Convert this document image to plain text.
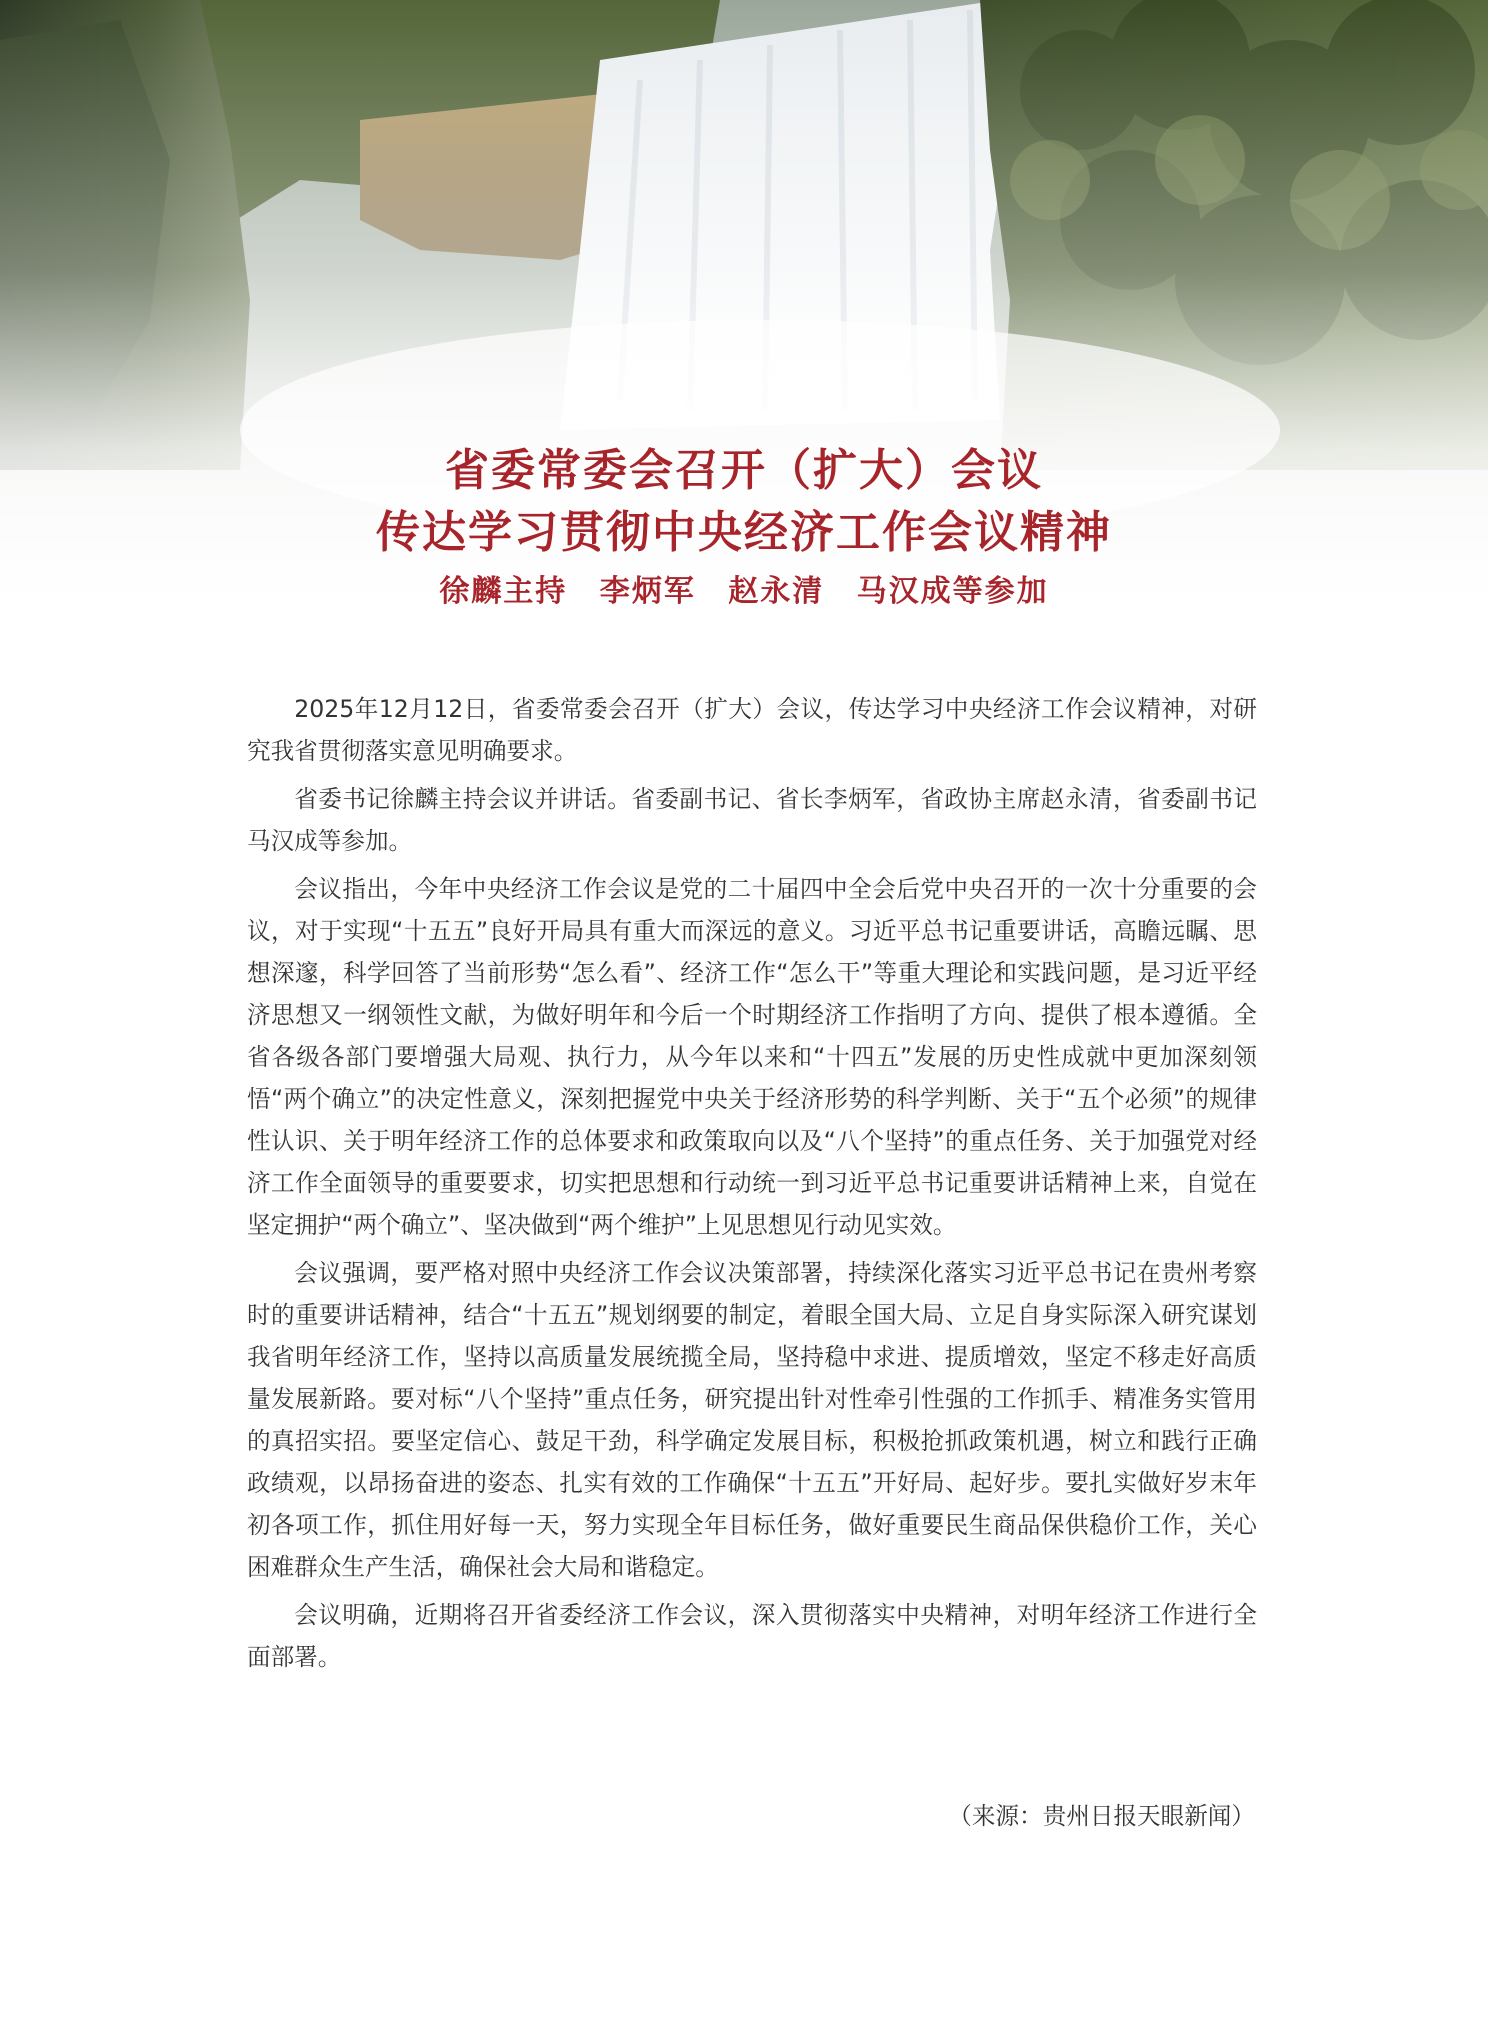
省委常委会召开（扩大）会议
传达学习贯彻中央经济工作会议精神
徐麟主持 李炳军 赵永清 马汉成等参加

2025年12月12日，省委常委会召开（扩大）会议，传达学习中央经济工作会议精神，对研究我省贯彻落实意见明确要求。

省委书记徐麟主持会议并讲话。省委副书记、省长李炳军，省政协主席赵永清，省委副书记马汉成等参加。

会议指出，今年中央经济工作会议是党的二十届四中全会后党中央召开的一次十分重要的会议，对于实现“十五五”良好开局具有重大而深远的意义。习近平总书记重要讲话，高瞻远瞩、思想深邃，科学回答了当前形势“怎么看”、经济工作“怎么干”等重大理论和实践问题，是习近平经济思想又一纲领性文献，为做好明年和今后一个时期经济工作指明了方向、提供了根本遵循。全省各级各部门要增强大局观、执行力，从今年以来和“十四五”发展的历史性成就中更加深刻领悟“两个确立”的决定性意义，深刻把握党中央关于经济形势的科学判断、关于“五个必须”的规律性认识、关于明年经济工作的总体要求和政策取向以及“八个坚持”的重点任务、关于加强党对经济工作全面领导的重要要求，切实把思想和行动统一到习近平总书记重要讲话精神上来，自觉在坚定拥护“两个确立”、坚决做到“两个维护”上见思想见行动见实效。

会议强调，要严格对照中央经济工作会议决策部署，持续深化落实习近平总书记在贵州考察时的重要讲话精神，结合“十五五”规划纲要的制定，着眼全国大局、立足自身实际深入研究谋划我省明年经济工作，坚持以高质量发展统揽全局，坚持稳中求进、提质增效，坚定不移走好高质量发展新路。要对标“八个坚持”重点任务，研究提出针对性牵引性强的工作抓手、精准务实管用的真招实招。要坚定信心、鼓足干劲，科学确定发展目标，积极抢抓政策机遇，树立和践行正确政绩观，以昂扬奋进的姿态、扎实有效的工作确保“十五五”开好局、起好步。要扎实做好岁末年初各项工作，抓住用好每一天，努力实现全年目标任务，做好重要民生商品保供稳价工作，关心困难群众生产生活，确保社会大局和谐稳定。

会议明确，近期将召开省委经济工作会议，深入贯彻落实中央精神，对明年经济工作进行全面部署。

（来源：贵州日报天眼新闻）
